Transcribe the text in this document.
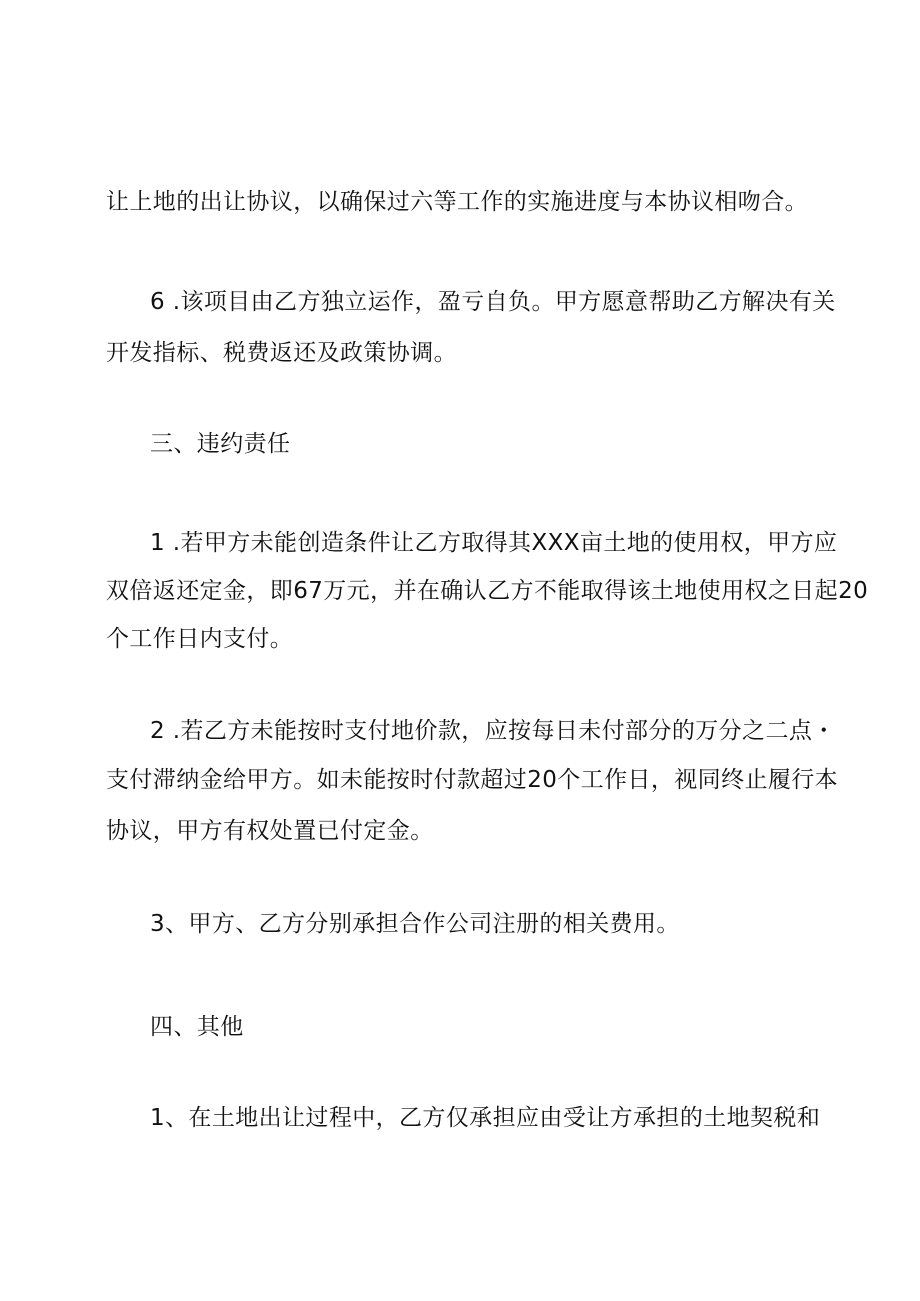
让上地的出让协议，以确保过六等工作的实施进度与本协议相吻合。

6 .该项目由乙方独立运作，盈亏自负。甲方愿意帮助乙方解决有关

开发指标、税费返还及政策协调。

三、违约责任

1 .若甲方未能创造条件让乙方取得其XXX亩土地的使用权，甲方应

双倍返还定金，即67万元，并在确认乙方不能取得该土地使用权之日起20

个工作日内支付。

2 .若乙方未能按时支付地价款，应按每日未付部分的万分之二点・

支付滞纳金给甲方。如未能按时付款超过20个工作日，视同终止履行本

协议，甲方有权处置已付定金。

3、甲方、乙方分别承担合作公司注册的相关费用。

四、其他

1、在土地出让过程中，乙方仅承担应由受让方承担的土地契税和
